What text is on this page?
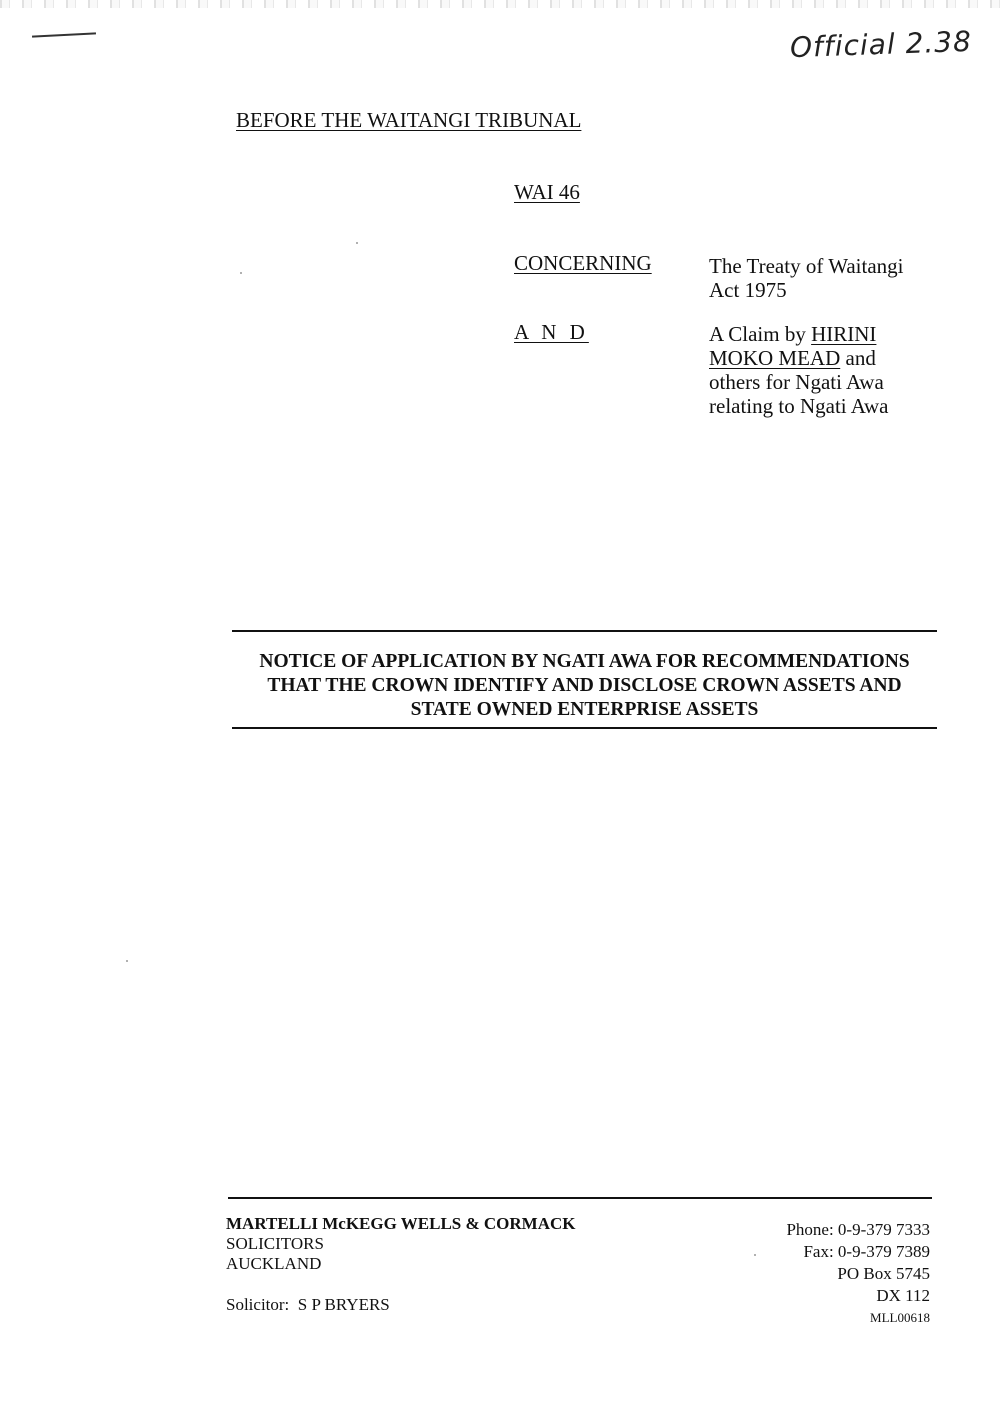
Official 2.38
BEFORE THE WAITANGI TRIBUNAL
WAI 46
CONCERNING	The Treaty of Waitangi
Act 1975
A N D	A Claim by HIRINI
MOKO MEAD and
others for Ngati Awa
relating to Ngati Awa
NOTICE OF APPLICATION BY NGATI AWA FOR RECOMMENDATIONS
THAT THE CROWN IDENTIFY AND DISCLOSE CROWN ASSETS AND
STATE OWNED ENTERPRISE ASSETS
MARTELLI McKEGG WELLS & CORMACK
SOLICITORS
AUCKLAND
Solicitor: S P BRYERS
Phone: 0-9-379 7333
Fax: 0-9-379 7389
PO Box 5745
DX 112
MLL00618
